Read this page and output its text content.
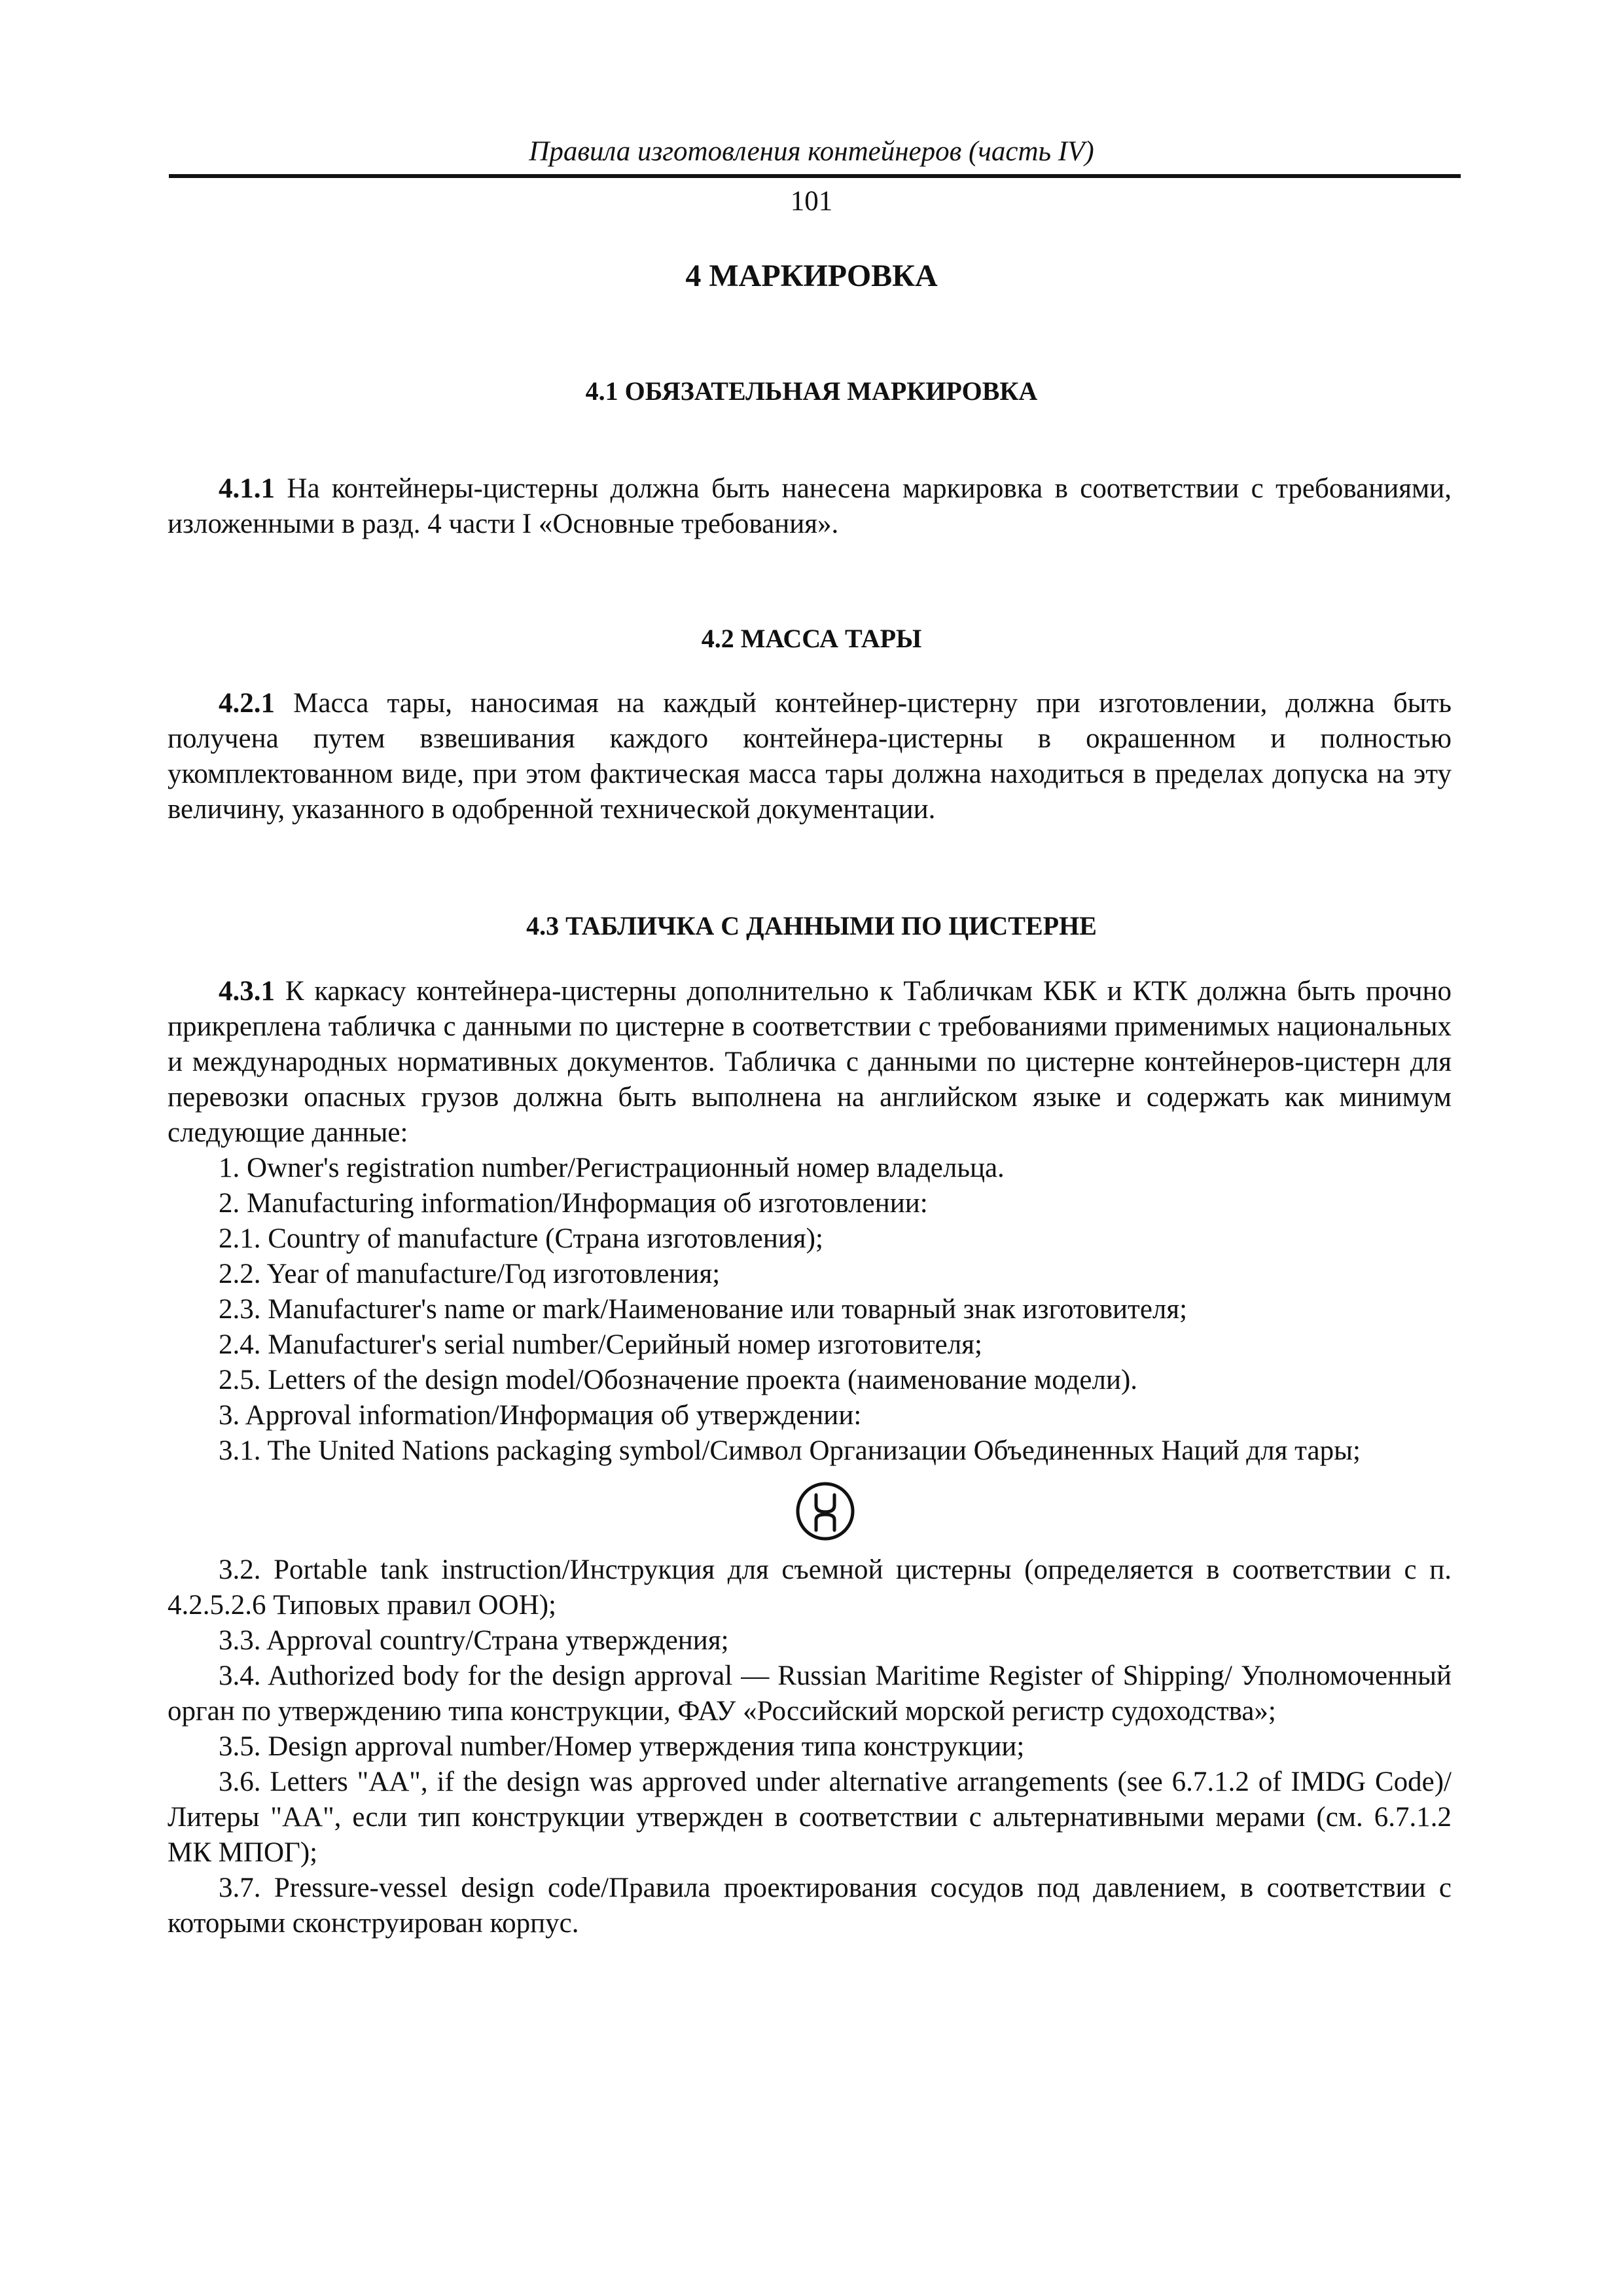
Правила изготовления контейнеров (часть IV)
101
4 МАРКИРОВКА
4.1 ОБЯЗАТЕЛЬНАЯ МАРКИРОВКА

4.1.1 На контейнеры-цистерны должна быть нанесена маркировка в соответствии с требованиями, изложенными в разд. 4 части I «Основные требования».

4.2 МАССА ТАРЫ

4.2.1 Масса тары, наносимая на каждый контейнер-цистерну при изготовлении, должна быть получена путем взвешивания каждого контейнера-цистерны в окрашенном и полностью укомплектованном виде, при этом фактическая масса тары должна находиться в пределах допуска на эту величину, указанного в одобренной технической документации.

4.3 ТАБЛИЧКА С ДАННЫМИ ПО ЦИСТЕРНЕ

4.3.1 К каркасу контейнера-цистерны дополнительно к Табличкам КБК и КТК должна быть прочно прикреплена табличка с данными по цистерне в соответствии с требованиями применимых национальных и международных нормативных документов. Табличка с данными по цистерне контейнеров-цистерн для перевозки опасных грузов должна быть выполнена на английском языке и содержать как минимум следующие данные:

1. Owner's registration number/Регистрационный номер владельца.
2. Manufacturing information/Информация об изготовлении:
2.1. Country of manufacture (Страна изготовления);
2.2. Year of manufacture/Год изготовления;
2.3. Manufacturer's name or mark/Наименование или товарный знак изготовителя;
2.4. Manufacturer's serial number/Серийный номер изготовителя;
2.5. Letters of the design model/Обозначение проекта (наименование модели).
3. Approval information/Информация об утверждении:
3.1. The United Nations packaging symbol/Символ Организации Объединенных Наций для тары;
3.2. Portable tank instruction/Инструкция для съемной цистерны (определяется в соответствии с п. 4.2.5.2.6 Типовых правил ООН);
3.3. Approval country/Страна утверждения;
3.4. Authorized body for the design approval — Russian Maritime Register of Shipping/ Уполномоченный орган по утверждению типа конструкции, ФАУ «Российский морской регистр судоходства»;
3.5. Design approval number/Номер утверждения типа конструкции;
3.6. Letters "AA", if the design was approved under alternative arrangements (see 6.7.1.2 of IMDG Code)/ Литеры "AA", если тип конструкции утвержден в соответствии с альтернативными мерами (см. 6.7.1.2 МК МПОГ);
3.7. Pressure-vessel design code/Правила проектирования сосудов под давлением, в соответствии с которыми сконструирован корпус.
